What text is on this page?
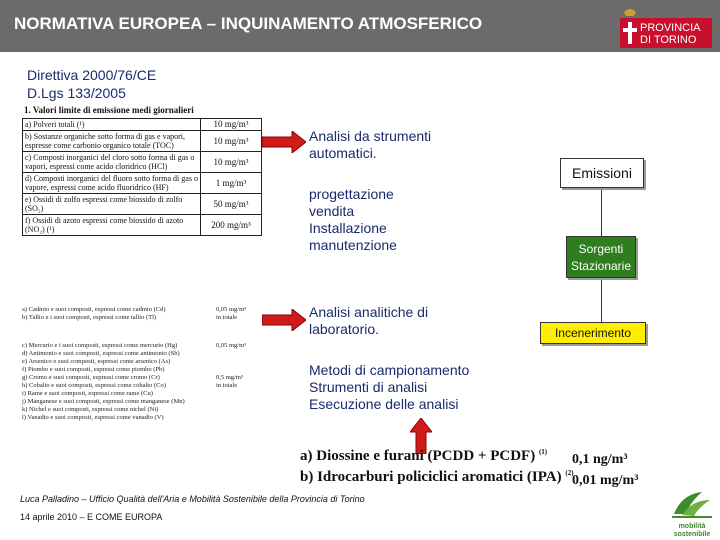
NORMATIVA EUROPEA – INQUINAMENTO ATMOSFERICO	PROVINCIA
DI TORINO
Direttiva 2000/76/CE
D.Lgs 133/2005
1. Valori limite di emissione medi giornalieri
a) Polveri totali (¹)	10 mg/m³
b) Sostanze organiche sotto forma di gas e vapori, espresse come carbonio organico totale (TOC)	10 mg/m³
c) Composti inorganici del cloro sotto forma di gas o vapori, espressi come acido cloridrico (HCl)	10 mg/m³
d) Composti inorganici del fluoro sotto forma di gas o vapore, espressi come acido fluoridrico (HF)	1 mg/m³
e) Ossidi di zolfo espressi come biossido di zolfo (SO₂)	50 mg/m³
f) Ossidi di azoto espressi come biossido di azoto (NO₂) (¹)	200 mg/m³
a) Cadmio e suoi composti, espressi come cadmio (Cd)	0,05 mg/m³
b) Tallio e i suoi composti, espressi come tallio (Tl)	in totale
c) Mercurio e i suoi composti, espressi come mercurio (Hg)	0,05 mg/m³
d) Antimonio e suoi composti, espressi come antimonio (Sb)
e) Arsenico e suoi composti, espressi come arsenico (As)
f) Piombo e suoi composti, espressi come piombo (Pb)
g) Cromo e suoi composti, espressi come cromo (Cr)	0,5 mg/m³
h) Cobalto e suoi composti, espressi come cobalto (Co)	in totale
i) Rame e suoi composti, espressi come rame (Cu)
j) Manganese e suoi composti, espressi come manganese (Mn)
k) Nichel e suoi composti, espressi come nichel (Ni)
l) Vanadio e suoi composti, espressi come vanadio (V)
Analisi da strumenti automatici.
progettazione
vendita
Installazione
manutenzione
Analisi analitiche di laboratorio.
Metodi di campionamento
Strumenti di analisi
Esecuzione delle analisi
Emissioni
Sorgenti
Stazionarie
Incenerimento
a) Diossine e furani (PCDD + PCDF) $^{(1)}$ 0,1 ng/m³
b) Idrocarburi policiclici aromatici (IPA) $^{(2)}$
0,01 mg/m³
Luca Palladino – Ufficio Qualità dell'Aria e Mobilità Sostenibile della Provincia di Torino
14 aprile 2010 – E COME EUROPA
mobilità
sostenibile
